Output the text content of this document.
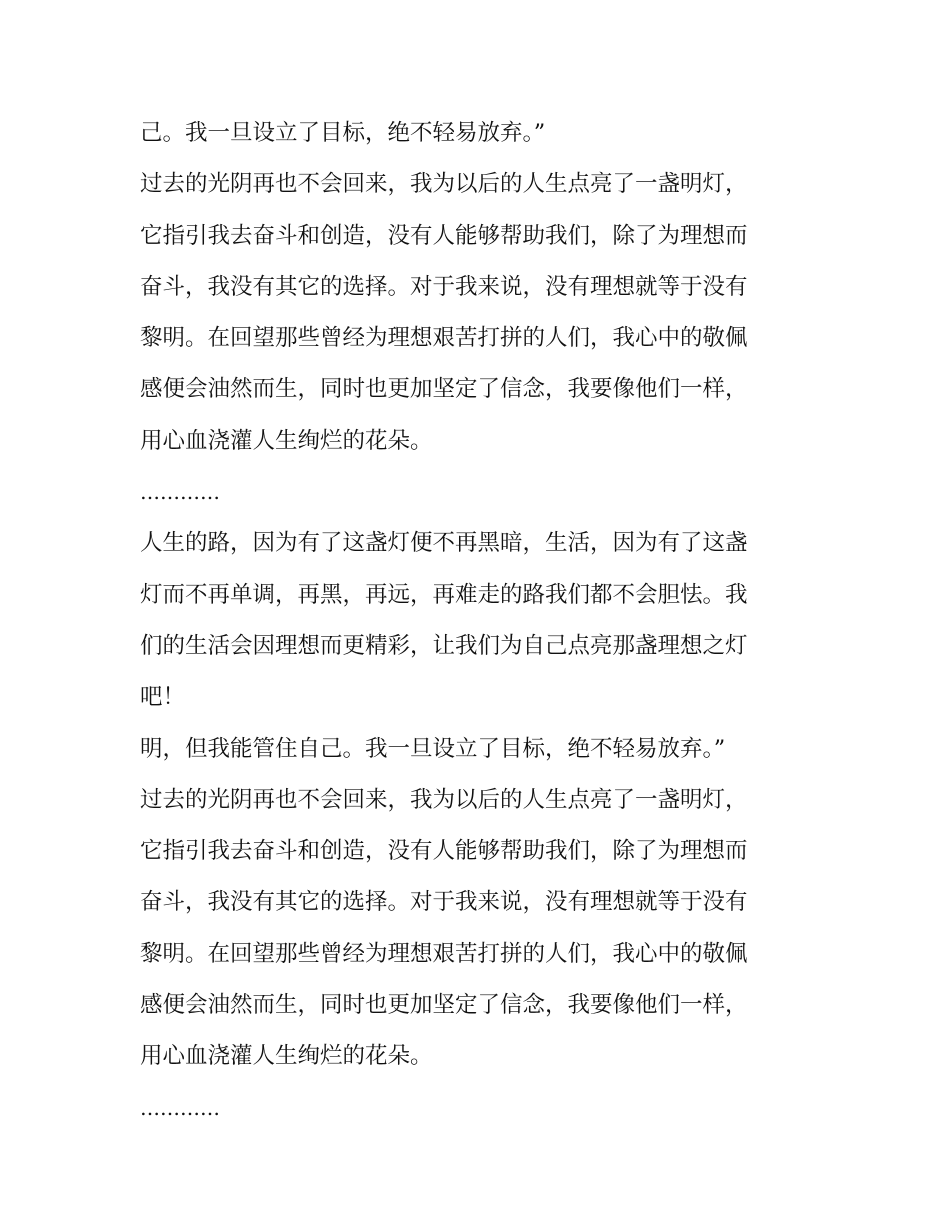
己。我一旦设立了目标，绝不轻易放弃。”
过去的光阴再也不会回来，我为以后的人生点亮了一盏明灯，
它指引我去奋斗和创造，没有人能够帮助我们，除了为理想而
奋斗，我没有其它的选择。对于我来说，没有理想就等于没有
黎明。在回望那些曾经为理想艰苦打拼的人们，我心中的敬佩
感便会油然而生，同时也更加坚定了信念，我要像他们一样，
用心血浇灌人生绚烂的花朵。
…………
人生的路，因为有了这盏灯便不再黑暗，生活，因为有了这盏
灯而不再单调，再黑，再远，再难走的路我们都不会胆怯。我
们的生活会因理想而更精彩，让我们为自己点亮那盏理想之灯
吧！
明，但我能管住自己。我一旦设立了目标，绝不轻易放弃。”
过去的光阴再也不会回来，我为以后的人生点亮了一盏明灯，
它指引我去奋斗和创造，没有人能够帮助我们，除了为理想而
奋斗，我没有其它的选择。对于我来说，没有理想就等于没有
黎明。在回望那些曾经为理想艰苦打拼的人们，我心中的敬佩
感便会油然而生，同时也更加坚定了信念，我要像他们一样，
用心血浇灌人生绚烂的花朵。
…………
